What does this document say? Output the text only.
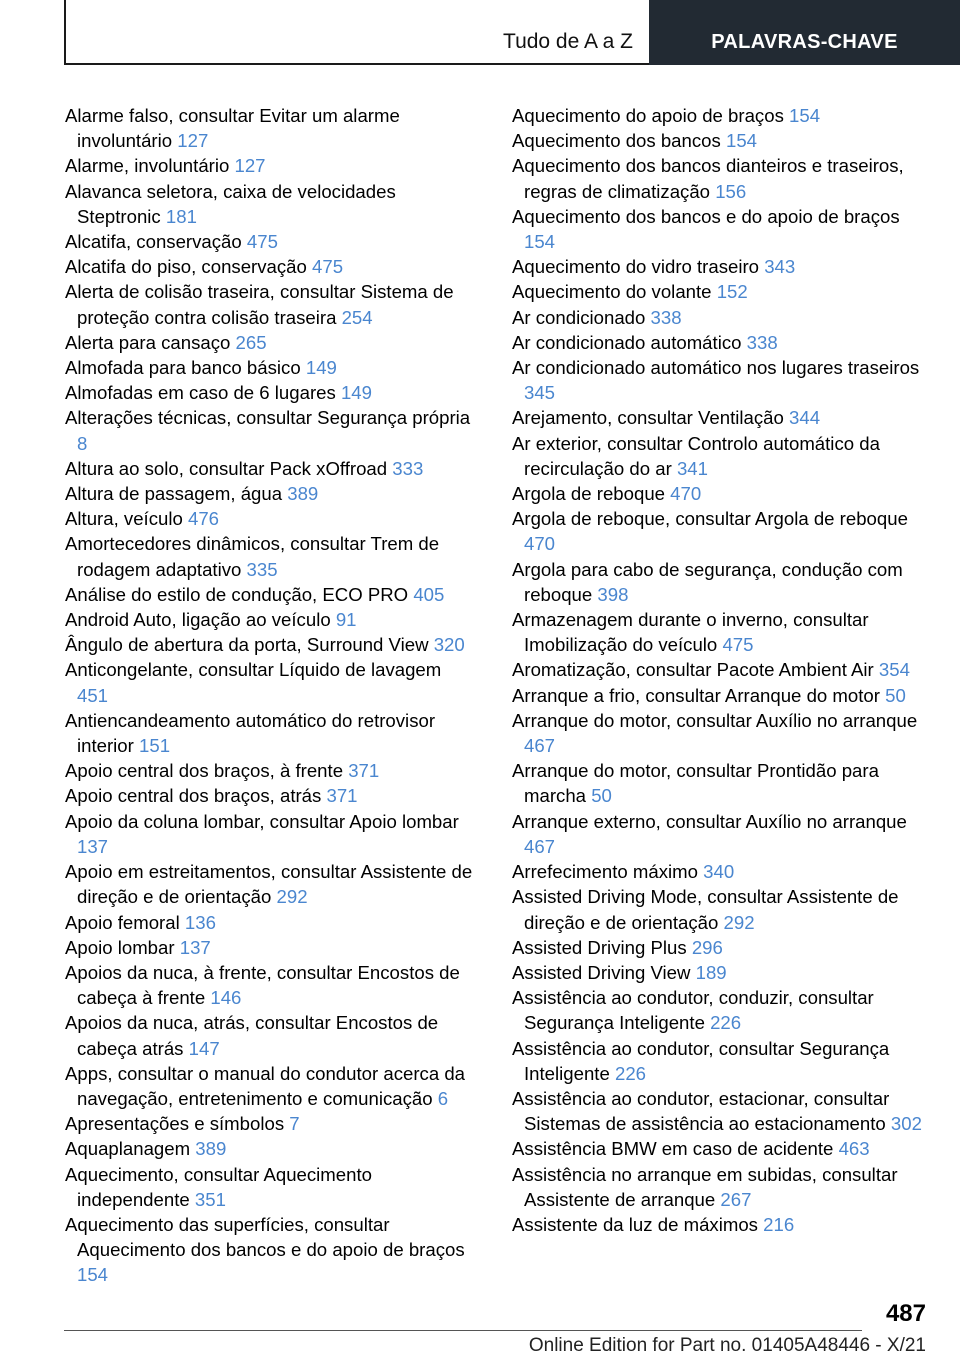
Tudo de A a Z	PALAVRAS-CHAVE
Alarme falso, consultar Evitar um alarme involuntário 127
Alarme, involuntário 127
Alavanca seletora, caixa de velocidades Steptronic 181
Alcatifa, conservação 475
Alcatifa do piso, conservação 475
Alerta de colisão traseira, consultar Sistema de proteção contra colisão traseira 254
Alerta para cansaço 265
Almofada para banco básico 149
Almofadas em caso de 6 lugares 149
Alterações técnicas, consultar Segurança própria 8
Altura ao solo, consultar Pack xOffroad 333
Altura de passagem, água 389
Altura, veículo 476
Amortecedores dinâmicos, consultar Trem de rodagem adaptativo 335
Análise do estilo de condução, ECO PRO 405
Android Auto, ligação ao veículo 91
Ângulo de abertura da porta, Surround View 320
Anticongelante, consultar Líquido de lavagem 451
Antiencandeamento automático do retrovisor interior 151
Apoio central dos braços, à frente 371
Apoio central dos braços, atrás 371
Apoio da coluna lombar, consultar Apoio lombar 137
Apoio em estreitamentos, consultar Assistente de direção e de orientação 292
Apoio femoral 136
Apoio lombar 137
Apoios da nuca, à frente, consultar Encostos de cabeça à frente 146
Apoios da nuca, atrás, consultar Encostos de cabeça atrás 147
Apps, consultar o manual do condutor acerca da navegação, entretenimento e comunicação 6
Apresentações e símbolos 7
Aquaplanagem 389
Aquecimento, consultar Aquecimento independente 351
Aquecimento das superfícies, consultar Aquecimento dos bancos e do apoio de braços 154
Aquecimento do apoio de braços 154
Aquecimento dos bancos 154
Aquecimento dos bancos dianteiros e traseiros, regras de climatização 156
Aquecimento dos bancos e do apoio de braços 154
Aquecimento do vidro traseiro 343
Aquecimento do volante 152
Ar condicionado 338
Ar condicionado automático 338
Ar condicionado automático nos lugares traseiros 345
Arejamento, consultar Ventilação 344
Ar exterior, consultar Controlo automático da recirculação do ar 341
Argola de reboque 470
Argola de reboque, consultar Argola de reboque 470
Argola para cabo de segurança, condução com reboque 398
Armazenagem durante o inverno, consultar Imobilização do veículo 475
Aromatização, consultar Pacote Ambient Air 354
Arranque a frio, consultar Arranque do motor 50
Arranque do motor, consultar Auxílio no arranque 467
Arranque do motor, consultar Prontidão para marcha 50
Arranque externo, consultar Auxílio no arranque 467
Arrefecimento máximo 340
Assisted Driving Mode, consultar Assistente de direção e de orientação 292
Assisted Driving Plus 296
Assisted Driving View 189
Assistência ao condutor, conduzir, consultar Segurança Inteligente 226
Assistência ao condutor, consultar Segurança Inteligente 226
Assistência ao condutor, estacionar, consultar Sistemas de assistência ao estacionamento 302
Assistência BMW em caso de acidente 463
Assistência no arranque em subidas, consultar Assistente de arranque 267
Assistente da luz de máximos 216
487
Online Edition for Part no. 01405A48446 - X/21
